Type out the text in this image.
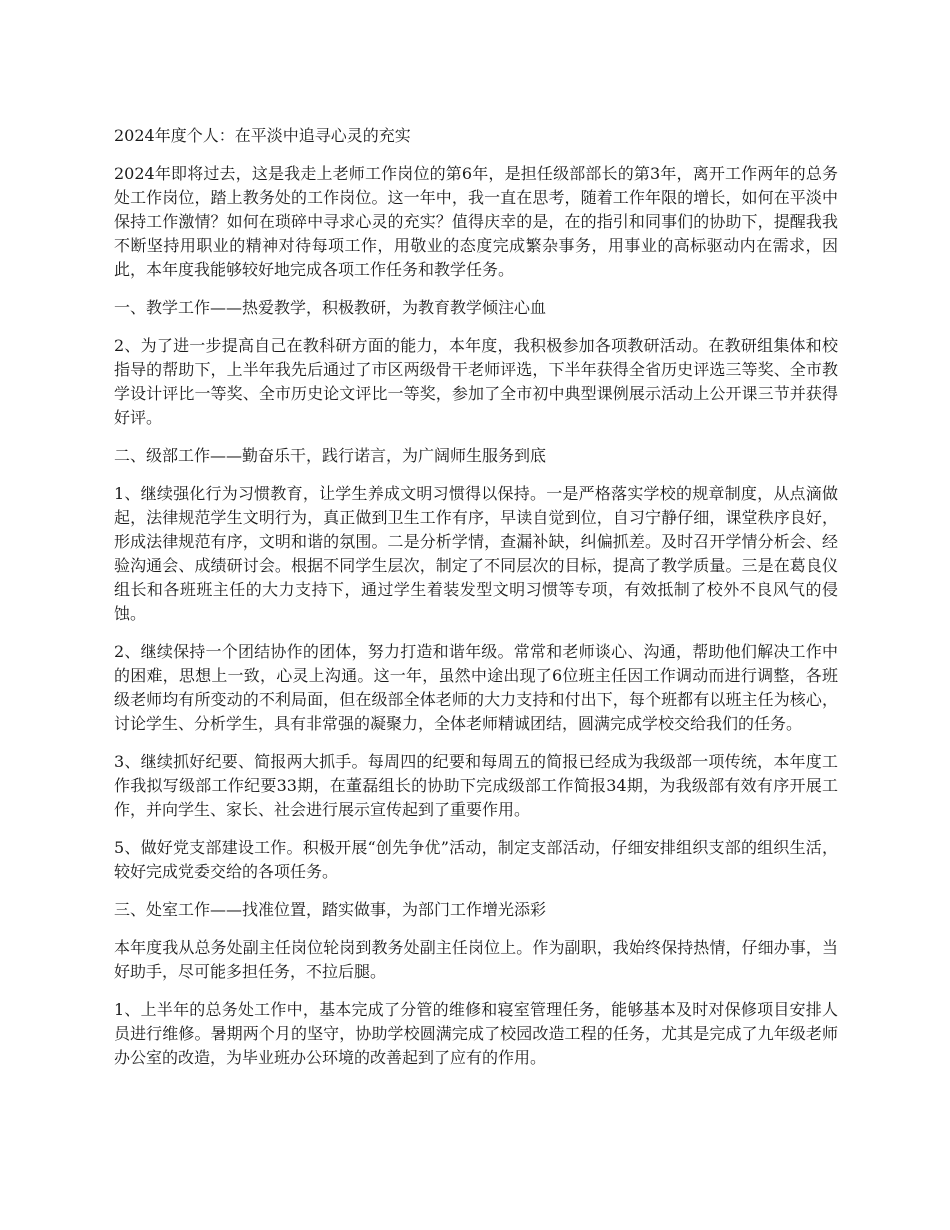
2024年度个人：在平淡中追寻心灵的充实

2024年即将过去，这是我走上老师工作岗位的第6年，是担任级部部长的第3年，离开工作两年的总务处工作岗位，踏上教务处的工作岗位。这一年中，我一直在思考，随着工作年限的增长，如何在平淡中保持工作激情？如何在琐碎中寻求心灵的充实？值得庆幸的是，在的指引和同事们的协助下，提醒我我不断坚持用职业的精神对待每项工作，用敬业的态度完成繁杂事务，用事业的高标驱动内在需求，因此，本年度我能够较好地完成各项工作任务和教学任务。

一、教学工作——热爱教学，积极教研，为教育教学倾注心血

2、为了进一步提高自己在教科研方面的能力，本年度，我积极参加各项教研活动。在教研组集体和校指导的帮助下，上半年我先后通过了市区两级骨干老师评选，下半年获得全省历史评选三等奖、全市教学设计评比一等奖、全市历史论文评比一等奖，参加了全市初中典型课例展示活动上公开课三节并获得好评。

二、级部工作——勤奋乐干，践行诺言，为广阔师生服务到底

1、继续强化行为习惯教育，让学生养成文明习惯得以保持。一是严格落实学校的规章制度，从点滴做起，法律规范学生文明行为，真正做到卫生工作有序，早读自觉到位，自习宁静仔细，课堂秩序良好，形成法律规范有序，文明和谐的氛围。二是分析学情，查漏补缺，纠偏抓差。及时召开学情分析会、经验沟通会、成绩研讨会。根据不同学生层次，制定了不同层次的目标，提高了教学质量。三是在葛良仪组长和各班班主任的大力支持下，通过学生着装发型文明习惯等专项，有效抵制了校外不良风气的侵蚀。

2、继续保持一个团结协作的团体，努力打造和谐年级。常常和老师谈心、沟通，帮助他们解决工作中的困难，思想上一致，心灵上沟通。这一年，虽然中途出现了6位班主任因工作调动而进行调整，各班级老师均有所变动的不利局面，但在级部全体老师的大力支持和付出下，每个班都有以班主任为核心，讨论学生、分析学生，具有非常强的凝聚力，全体老师精诚团结，圆满完成学校交给我们的任务。

3、继续抓好纪要、简报两大抓手。每周四的纪要和每周五的简报已经成为我级部一项传统，本年度工作我拟写级部工作纪要33期，在董磊组长的协助下完成级部工作简报34期，为我级部有效有序开展工作，并向学生、家长、社会进行展示宣传起到了重要作用。

5、做好党支部建设工作。积极开展“创先争优”活动，制定支部活动，仔细安排组织支部的组织生活，较好完成党委交给的各项任务。

三、处室工作——找准位置，踏实做事，为部门工作增光添彩

本年度我从总务处副主任岗位轮岗到教务处副主任岗位上。作为副职，我始终保持热情，仔细办事，当好助手，尽可能多担任务，不拉后腿。

1、上半年的总务处工作中，基本完成了分管的维修和寝室管理任务，能够基本及时对保修项目安排人员进行维修。暑期两个月的坚守，协助学校圆满完成了校园改造工程的任务，尤其是完成了九年级老师办公室的改造，为毕业班办公环境的改善起到了应有的作用。
